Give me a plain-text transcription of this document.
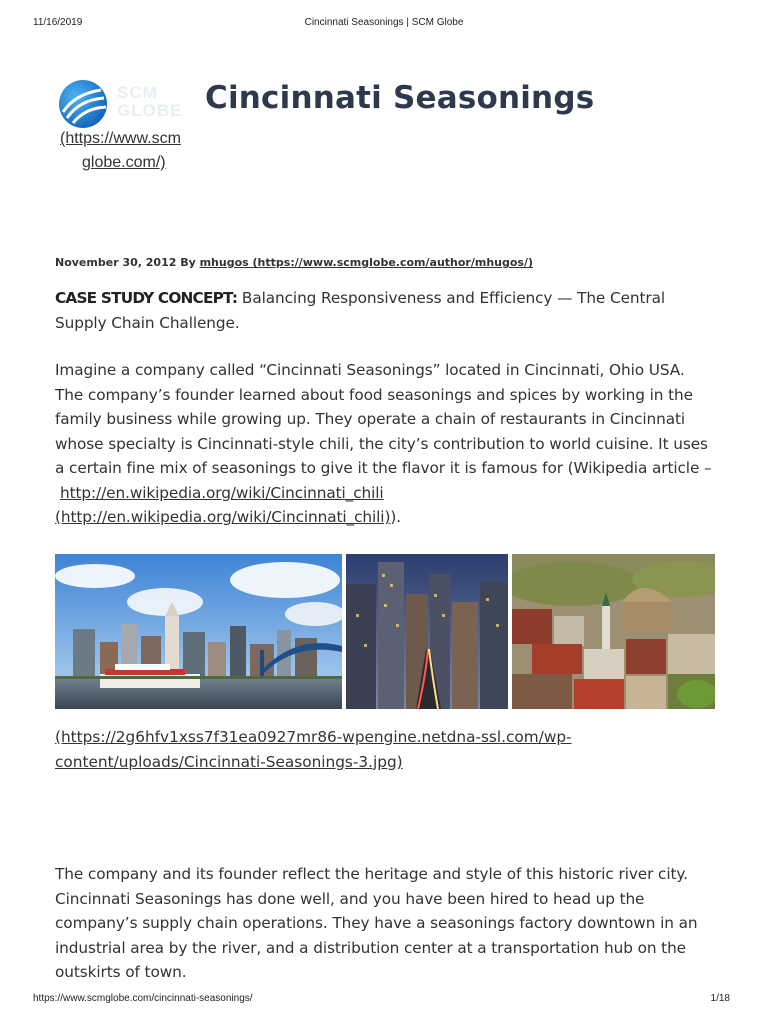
11/16/2019	Cincinnati Seasonings | SCM Globe
SCM
GLOBE
(https://www.scm
globe.com/)
Cincinnati Seasonings
November 30, 2012 By mhugos (https://www.scmglobe.com/author/mhugos/)

CASE STUDY CONCEPT: Balancing Responsiveness and Efficiency — The Central Supply Chain Challenge.

Imagine a company called “Cincinnati Seasonings” located in Cincinnati, Ohio USA. The company’s founder learned about food seasonings and spices by working in the family business while growing up. They operate a chain of restaurants in Cincinnati whose specialty is Cincinnati-style chili, the city’s contribution to world cuisine. It uses a certain fine mix of seasonings to give it the flavor it is famous for (Wikipedia article –
http://en.wikipedia.org/wiki/Cincinnati_chili
(http://en.wikipedia.org/wiki/Cincinnati_chili)).

(https://2g6hfv1xss7f31ea0927mr86-wpengine.netdna-ssl.com/wp-
content/uploads/Cincinnati-Seasonings-3.jpg)

The company and its founder reflect the heritage and style of this historic river city. Cincinnati Seasonings has done well, and you have been hired to head up the company’s supply chain operations. They have a seasonings factory downtown in an industrial area by the river, and a distribution center at a transportation hub on the outskirts of town.

https://www.scmglobe.com/cincinnati-seasonings/	1/18
